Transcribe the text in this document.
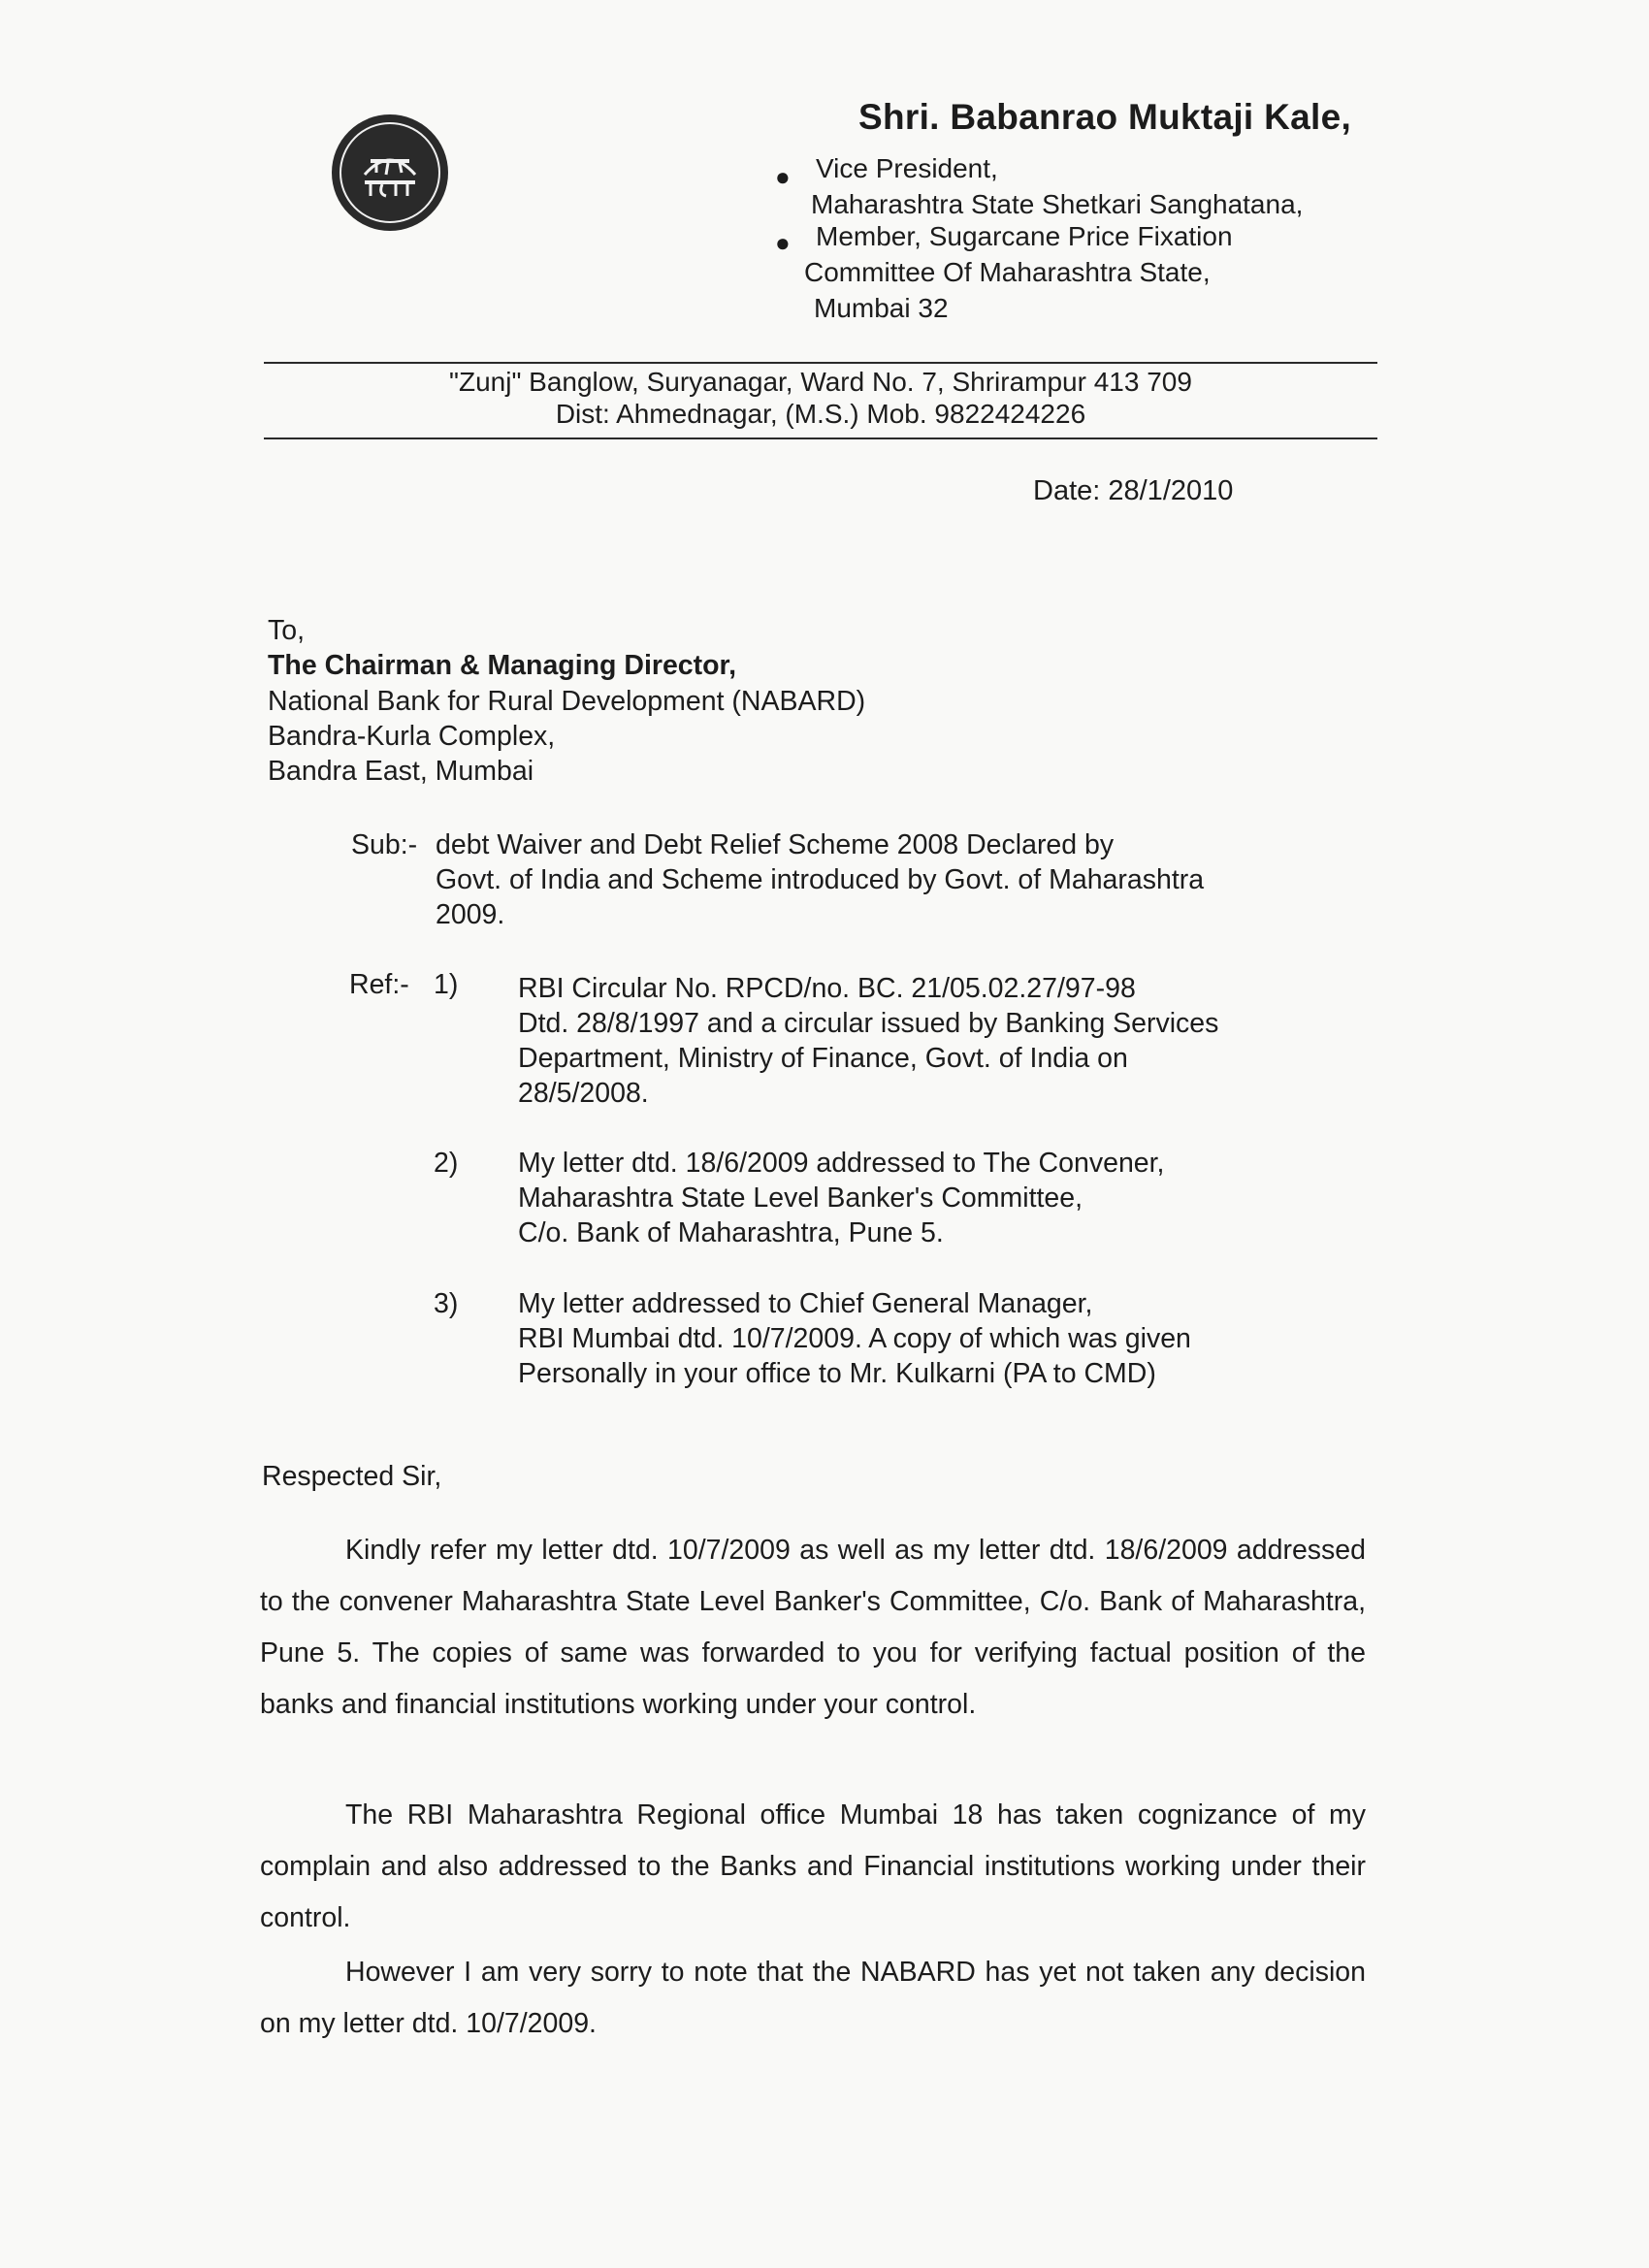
Shri. Babanrao Muktaji Kale,
● Vice President,
Maharashtra State Shetkari Sanghatana,
● Member, Sugarcane Price Fixation
Committee Of Maharashtra State,
Mumbai 32
"Zunj" Banglow, Suryanagar, Ward No. 7, Shrirampur 413 709
Dist: Ahmednagar, (M.S.) Mob. 9822424226
Date: 28/1/2010
To,
The Chairman & Managing Director,
National Bank for Rural Development (NABARD)
Bandra-Kurla Complex,
Bandra East, Mumbai
Sub:- debt Waiver and Debt Relief Scheme 2008 Declared by
Govt. of India and Scheme introduced by Govt. of Maharashtra
2009.
Ref:- 1) RBI Circular No. RPCD/no. BC. 21/05.02.27/97-98
Dtd. 28/8/1997 and a circular issued by Banking Services
Department, Ministry of Finance, Govt. of India on
28/5/2008.
2) My letter dtd. 18/6/2009 addressed to The Convener,
Maharashtra State Level Banker's Committee,
C/o. Bank of Maharashtra, Pune 5.
3) My letter addressed to Chief General Manager,
RBI Mumbai dtd. 10/7/2009. A copy of which was given
Personally in your office to Mr. Kulkarni (PA to CMD)
Respected Sir,

Kindly refer my letter dtd. 10/7/2009 as well as my letter dtd. 18/6/2009 addressed to the convener Maharashtra State Level Banker's Committee, C/o. Bank of Maharashtra, Pune 5. The copies of same was forwarded to you for verifying factual position of the banks and financial institutions working under your control.

The RBI Maharashtra Regional office Mumbai 18 has taken cognizance of my complain and also addressed to the Banks and Financial institutions working under their control.

However I am very sorry to note that the NABARD has yet not taken any decision on my letter dtd. 10/7/2009.
